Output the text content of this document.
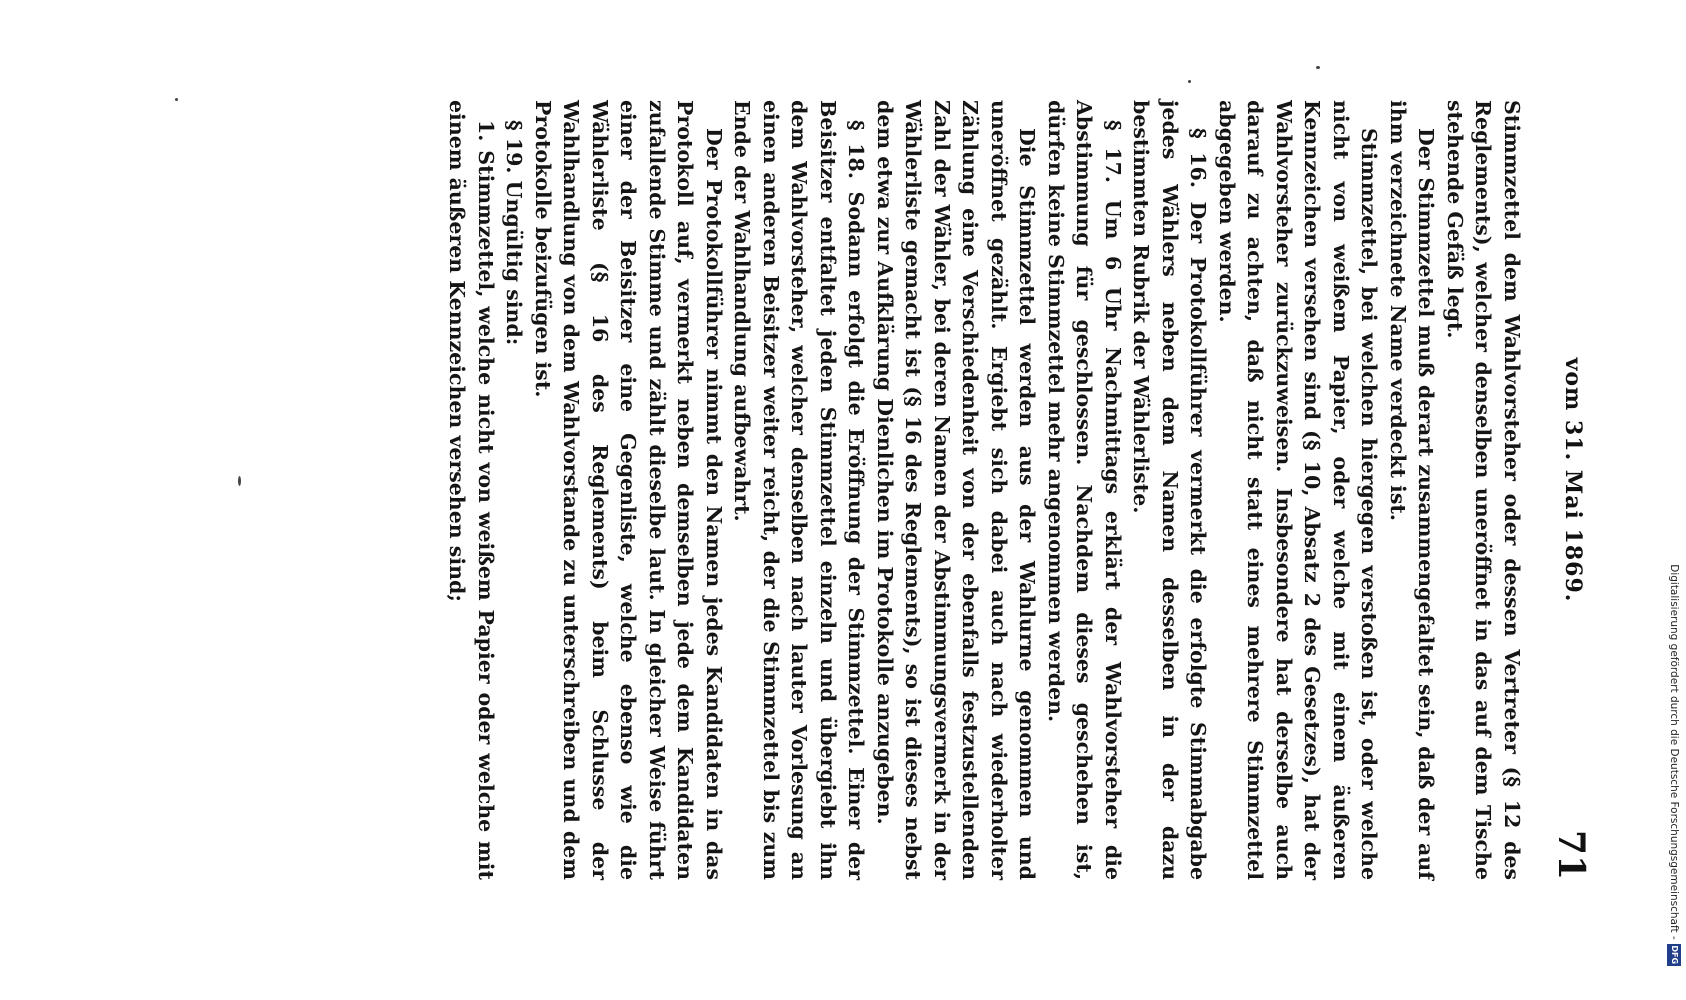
vom 31. Mai 1869.
71

Stimmzettel dem Wahlvorsteher oder dessen Vertreter (§ 12 des Reglements), welcher denselben uneröffnet in das auf dem Tische stehende Gefäß legt.

Der Stimmzettel muß derart zusammengefaltet sein, daß der auf ihm verzeichnete Name verdeckt ist.

Stimmzettel, bei welchen hiergegen verstoßen ist, oder welche nicht von weißem Papier, oder welche mit einem äußeren Kennzeichen versehen sind (§ 10, Absatz 2 des Gesetzes), hat der Wahlvorsteher zurückzuweisen. Insbesondere hat derselbe auch darauf zu achten, daß nicht statt eines mehrere Stimmzettel abgegeben werden.

§ 16. Der Protokollführer vermerkt die erfolgte Stimmabgabe jedes Wählers neben dem Namen desselben in der dazu bestimmten Rubrik der Wählerliste.

§ 17. Um 6 Uhr Nachmittags erklärt der Wahlvorsteher die Abstimmung für geschlossen. Nachdem dieses geschehen ist, dürfen keine Stimmzettel mehr angenommen werden.

Die Stimmzettel werden aus der Wahlurne genommen und uneröffnet gezählt. Ergiebt sich dabei auch nach wiederholter Zählung eine Verschiedenheit von der ebenfalls festzustellenden Zahl der Wähler, bei deren Namen der Abstimmungsvermerk in der Wählerliste gemacht ist (§ 16 des Reglements), so ist dieses nebst dem etwa zur Aufklärung Dienlichen im Protokolle anzugeben.

§ 18. Sodann erfolgt die Eröffnung der Stimmzettel. Einer der Beisitzer entfaltet jeden Stimmzettel einzeln und übergiebt ihn dem Wahlvorsteher, welcher denselben nach lauter Vorlesung an einen anderen Beisitzer weiter reicht, der die Stimmzettel bis zum Ende der Wahlhandlung aufbewahrt.

Der Protokollführer nimmt den Namen jedes Kandidaten in das Protokoll auf, vermerkt neben demselben jede dem Kandidaten zufallende Stimme und zählt dieselbe laut. In gleicher Weise führt einer der Beisitzer eine Gegenliste, welche ebenso wie die Wählerliste (§ 16 des Reglements) beim Schlusse der Wahlhandlung von dem Wahlvorstande zu unterschreiben und dem Protokolle beizufügen ist.

§ 19. Ungültig sind:

1. Stimmzettel, welche nicht von weißem Papier oder welche mit einem äußeren Kennzeichen versehen sind;

Digitalisierung gefördert durch die Deutsche Forschungsgemeinschaft -DFG
